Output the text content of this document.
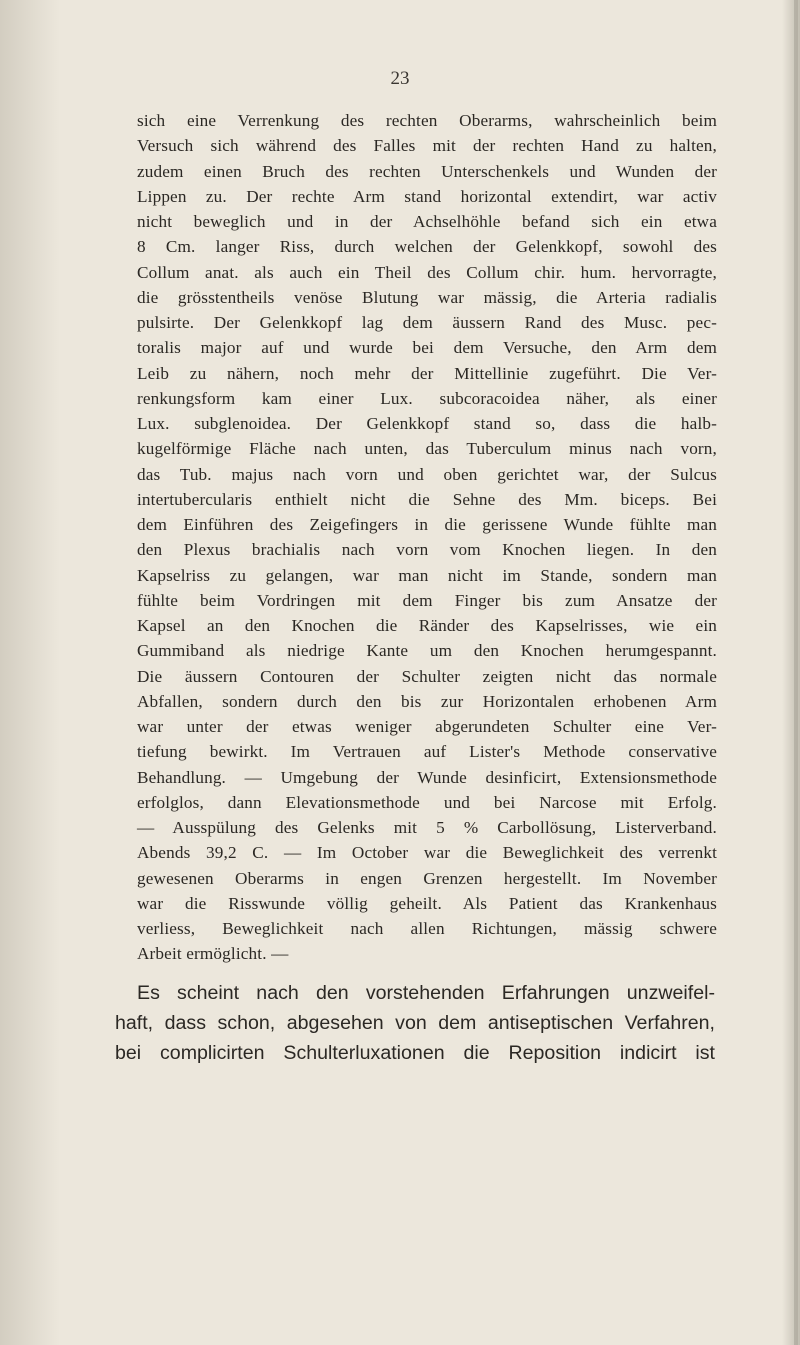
23
sich eine Verrenkung des rechten Oberarms, wahrscheinlich beim
Versuch sich während des Falles mit der rechten Hand zu halten,
zudem einen Bruch des rechten Unterschenkels und Wunden der
Lippen zu. Der rechte Arm stand horizontal extendirt, war activ
nicht beweglich und in der Achselhöhle befand sich ein etwa
8 Cm. langer Riss, durch welchen der Gelenkkopf, sowohl des
Collum anat. als auch ein Theil des Collum chir. hum. hervorragte,
die grösstentheils venöse Blutung war mässig, die Arteria radialis
pulsirte. Der Gelenkkopf lag dem äussern Rand des Musc. pec-
toralis major auf und wurde bei dem Versuche, den Arm dem
Leib zu nähern, noch mehr der Mittellinie zugeführt. Die Ver-
renkungsform kam einer Lux. subcoracoidea näher, als einer
Lux. subglenoidea. Der Gelenkkopf stand so, dass die halb-
kugelförmige Fläche nach unten, das Tuberculum minus nach vorn,
das Tub. majus nach vorn und oben gerichtet war, der Sulcus
intertubercularis enthielt nicht die Sehne des Mm. biceps. Bei
dem Einführen des Zeigefingers in die gerissene Wunde fühlte man
den Plexus brachialis nach vorn vom Knochen liegen. In den
Kapselriss zu gelangen, war man nicht im Stande, sondern man
fühlte beim Vordringen mit dem Finger bis zum Ansatze der
Kapsel an den Knochen die Ränder des Kapselrisses, wie ein
Gummiband als niedrige Kante um den Knochen herumgespannt.
Die äussern Contouren der Schulter zeigten nicht das normale
Abfallen, sondern durch den bis zur Horizontalen erhobenen Arm
war unter der etwas weniger abgerundeten Schulter eine Ver-
tiefung bewirkt. Im Vertrauen auf Lister's Methode conservative
Behandlung. — Umgebung der Wunde desinficirt, Extensionsmethode
erfolglos, dann Elevationsmethode und bei Narcose mit Erfolg.
— Ausspülung des Gelenks mit 5 % Carbollösung, Listerverband.
Abends 39,2 C. — Im October war die Beweglichkeit des verrenkt
gewesenen Oberarms in engen Grenzen hergestellt. Im November
war die Risswunde völlig geheilt. Als Patient das Krankenhaus
verliess, Beweglichkeit nach allen Richtungen, mässig schwere
Arbeit ermöglicht. —
Es scheint nach den vorstehenden Erfahrungen unzweifel-
haft, dass schon, abgesehen von dem antiseptischen Verfahren,
bei complicirten Schulterluxationen die Reposition indicirt ist
